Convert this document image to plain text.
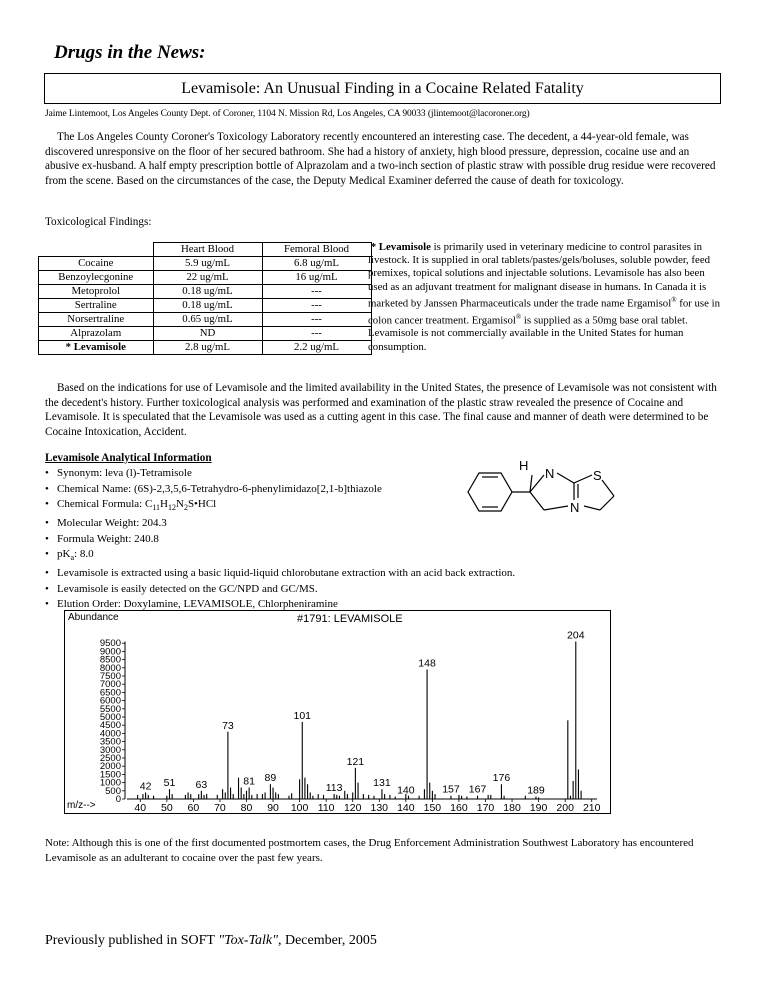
Drugs in the News:
Levamisole: An Unusual Finding in a Cocaine Related Fatality
Jaime Lintemoot, Los Angeles County Dept. of Coroner, 1104 N. Mission Rd, Los Angeles, CA 90033 (jlintemoot@lacoroner.org)
The Los Angeles County Coroner's Toxicology Laboratory recently encountered an interesting case. The decedent, a 44-year-old female, was discovered unresponsive on the floor of her secured bathroom. She had a history of anxiety, high blood pressure, depression, cocaine use and an abusive ex-husband. A half empty prescription bottle of Alprazolam and a two-inch section of plastic straw with possible drug residue were recovered from the scene. Based on the circumstances of the case, the Deputy Medical Examiner deferred the cause of death for toxicology.
Toxicological Findings:
	Heart Blood	Femoral Blood
Cocaine	5.9 ug/mL	6.8 ug/mL
Benzoylecgonine	22 ug/mL	16 ug/mL
Metoprolol	0.18 ug/mL	---
Sertraline	0.18 ug/mL	---
Norsertraline	0.65 ug/mL	---
Alprazolam	ND	---
* Levamisole	2.8 ug/mL	2.2 ug/mL
* Levamisole is primarily used in veterinary medicine to control parasites in livestock. It is supplied in oral tablets/pastes/gels/boluses, soluble powder, feed premixes, topical solutions and injectable solutions. Levamisole has also been used as an adjuvant treatment for malignant disease in humans. In Canada it is marketed by Janssen Pharmaceuticals under the trade name Ergamisol® for use in colon cancer treatment. Ergamisol® is supplied as a 50mg base oral tablet. Levamisole is not commercially available in the United States for human consumption.
Based on the indications for use of Levamisole and the limited availability in the United States, the presence of Levamisole was not consistent with the decedent's history. Further toxicological analysis was performed and examination of the plastic straw revealed the presence of Cocaine and Levamisole. It is speculated that the Levamisole was used as a cutting agent in this case. The final cause and manner of death were determined to be Cocaine Intoxication, Accident.
Levamisole Analytical Information
• Synonym: leva (l)-Tetramisole
• Chemical Name: (6S)-2,3,5,6-Tetrahydro-6-phenylimidazo[2,1-b]thiazole
• Chemical Formula: $C_{11}H_{12}N_2S•HCl$
• Molecular Weight: 204.3
• Formula Weight: 240.8
• $pK_a$: 8.0
• Levamisole is extracted using a basic liquid-liquid chlorobutane extraction with an acid back extraction.
• Levamisole is easily detected on the GC/NPD and GC/MS.
• Elution Order: Doxylamine, LEVAMISOLE, Chlorpheniramine
H
N	S
N
Abundance	#1791: LEVAMISOLE
m/z-->
0
500
1000
1500
2000
2500
3000
3500
4000
4500
5000
5500
6000
6500
7000
7500
8000
8500
9000
9500
40 50 60 70 80 90 100 110 120 130 140 150 160 170 180 190 200 210
42 51 63
73
81 89
101
113
121
131
140
148
157 167
176
189
204
Note: Although this is one of the first documented postmortem cases, the Drug Enforcement Administration Southwest Laboratory has encountered Levamisole as an adulterant to cocaine over the past few years.
Previously published in SOFT "Tox-Talk", December, 2005
